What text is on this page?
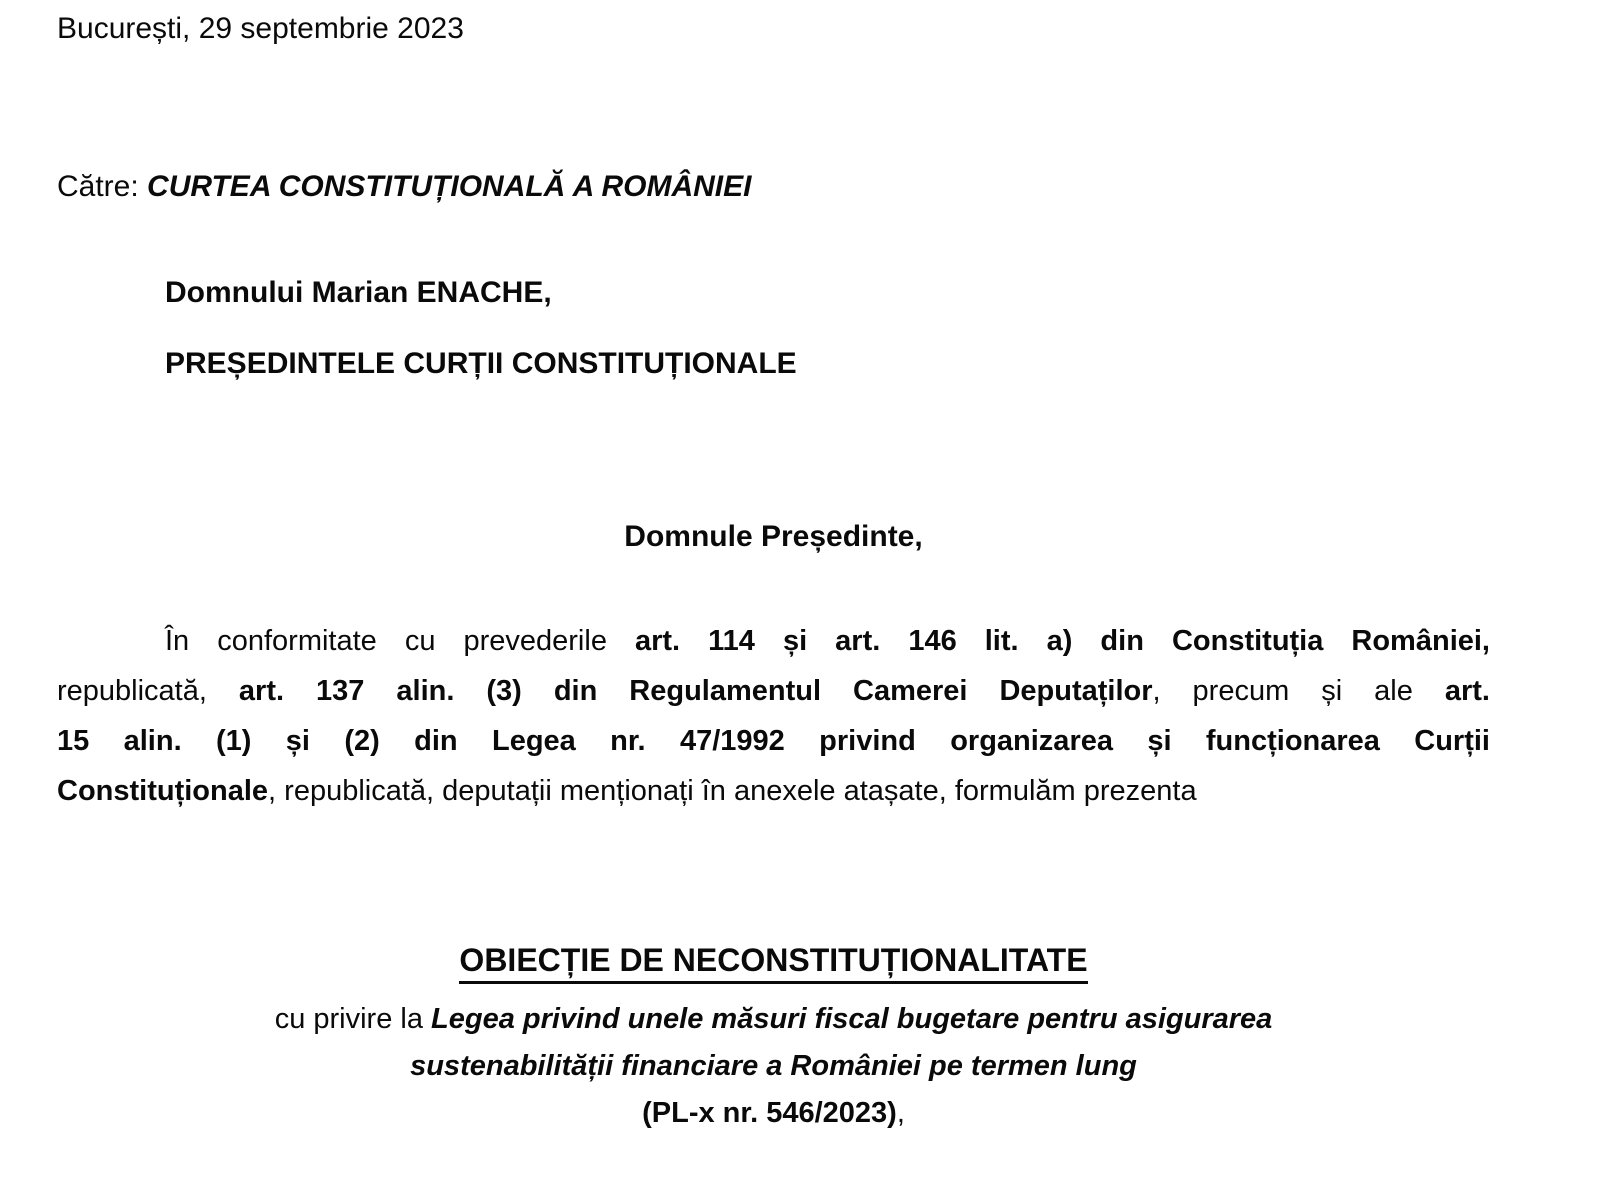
București, 29 septembrie 2023
Către: CURTEA CONSTITUȚIONALĂ A ROMÂNIEI
Domnului Marian ENACHE,
PREȘEDINTELE CURȚII CONSTITUȚIONALE
Domnule Președinte,
În conformitate cu prevederile art. 114 și art. 146 lit. a) din Constituția României,
republicată, art. 137 alin. (3) din Regulamentul Camerei Deputaților, precum și ale art.
15 alin. (1) și (2) din Legea nr. 47/1992 privind organizarea și funcționarea Curții
Constituționale, republicată, deputații menționați în anexele atașate, formulăm prezenta
OBIECȚIE DE NECONSTITUȚIONALITATE
cu privire la Legea privind unele măsuri fiscal bugetare pentru asigurarea
sustenabilității financiare a României pe termen lung
(PL-x nr. 546/2023),
